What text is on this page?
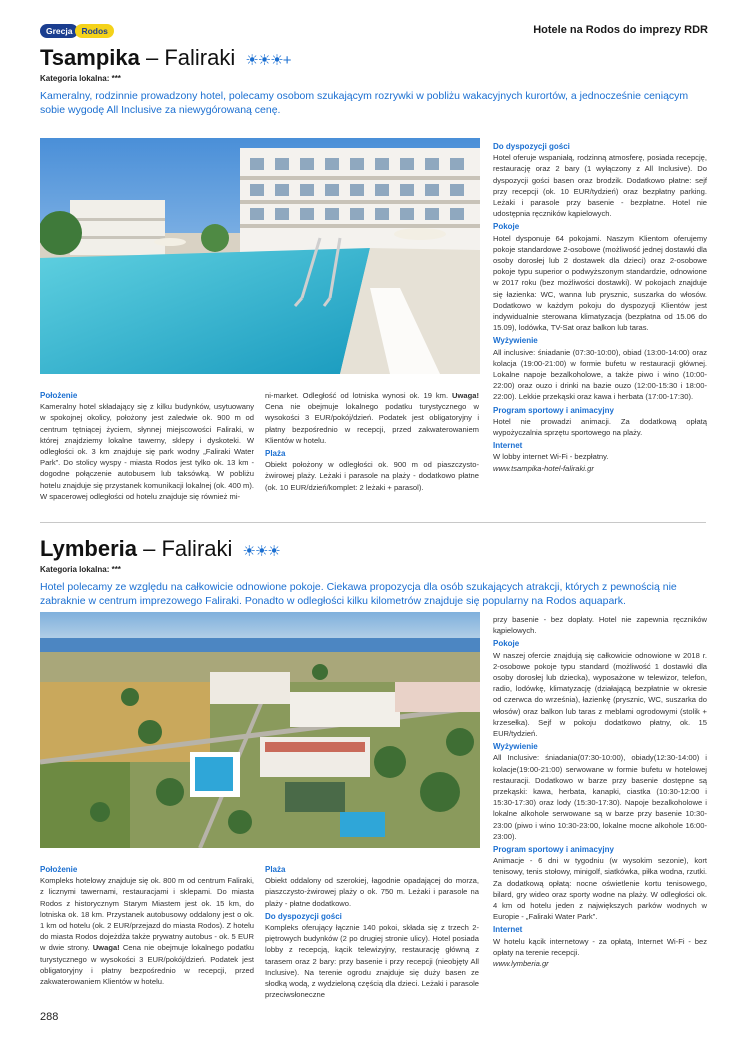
Grecja	Rodos	Hotele na Rodos do imprezy RDR
Tsampika – Faliraki ☀☀☀+
Kategoria lokalna: ***
Kameralny, rodzinnie prowadzony hotel, polecamy osobom szukającym rozrywki w pobliżu wakacyjnych kurortów, a jednocześnie ceniącym sobie wygodę All Inclusive za niewygórowaną cenę.
Położenie

Kameralny hotel składający się z kilku budynków, usytuowany w spokojnej okolicy, położony jest zaledwie ok. 900 m od centrum tętniącej życiem, słynnej miejscowości Faliraki, w której znajdziemy lokalne tawerny, sklepy i dyskoteki. W odległości ok. 3 km znajduje się park wodny „Faliraki Water Park”. Do stolicy wyspy - miasta Rodos jest tylko ok. 13 km - dogodne połączenie autobusem lub taksówką. W pobliżu hotelu znajduje się przystanek komunikacji lokalnej (ok. 400 m). W spacerowej odległości od hotelu znajduje się również mi-

ni-market. Odległość od lotniska wynosi ok. 19 km. Uwaga! Cena nie obejmuje lokalnego podatku turystycznego w wysokości 3 EUR/pokój/dzień. Podatek jest obligatoryjny i płatny bezpośrednio w recepcji, przed zakwaterowaniem Klientów w hotelu.

Plaża

Obiekt położony w odległości ok. 900 m od piaszczysto-żwirowej plaży. Leżaki i parasole na plaży - dodatkowo płatne (ok. 10 EUR/dzień/komplet: 2 leżaki + parasol).

Do dyspozycji gości

Hotel oferuje wspaniałą, rodzinną atmosferę, posiada recepcję, restaurację oraz 2 bary (1 wyłączony z All Inclusive). Do dyspozycji gości basen oraz brodzik. Dodatkowo płatne: sejf przy recepcji (ok. 10 EUR/tydzień) oraz bezpłatny parking. Leżaki i parasole przy basenie - bezpłatne. Hotel nie udostępnia ręczników kąpielowych.

Pokoje

Hotel dysponuje 64 pokojami. Naszym Klientom oferujemy pokoje standardowe 2-osobowe (możliwość jednej dostawki dla osoby dorosłej lub 2 dostawek dla dzieci) oraz 2-osobowe pokoje typu superior o podwyższonym standardzie, odnowione w 2017 roku (bez możliwości dostawki). W pokojach znajduje się łazienka: WC, wanna lub prysznic, suszarka do włosów. Dodatkowo w każdym pokoju do dyspozycji Klientów jest indywidualnie sterowana klimatyzacja (bezpłatna od 15.06 do 15.09), lodówka, TV-Sat oraz balkon lub taras.

Wyżywienie

All inclusive: śniadanie (07:30-10:00), obiad (13:00-14:00) oraz kolacja (19:00-21:00) w formie bufetu w restauracji głównej. Lokalne napoje bezalkoholowe, a także piwo i wino (10:00-22:00) oraz ouzo i drinki na bazie ouzo (12:00-15:30 i 18:00-22:00). Lekkie przekąski oraz kawa i herbata (17:00-17:30).

Program sportowy i animacyjny

Hotel nie prowadzi animacji. Za dodatkową opłatą wypożyczalnia sprzętu sportowego na plaży.

Internet

W lobby internet Wi-Fi - bezpłatny.

www.tsampika-hotel-faliraki.gr

Lymberia – Faliraki ☀☀☀
Kategoria lokalna: ***
Hotel polecamy ze względu na całkowicie odnowione pokoje. Ciekawa propozycja dla osób szukających atrakcji, których z pewnością nie zabraknie w centrum imprezowego Faliraki. Ponadto w odległości kilku kilometrów znajduje się popularny na Rodos aquapark.
Położenie

Kompleks hotelowy znajduje się ok. 800 m od centrum Faliraki, z licznymi tawernami, restauracjami i sklepami. Do miasta Rodos z historycznym Starym Miastem jest ok. 15 km, do lotniska ok. 18 km. Przystanek autobusowy oddalony jest o ok. 1 km od hotelu (ok. 2 EUR/przejazd do miasta Rodos). Z hotelu do miasta Rodos dojeżdża także prywatny autobus - ok. 5 EUR w dwie strony. Uwaga! Cena nie obejmuje lokalnego podatku turystycznego w wysokości 3 EUR/pokój/dzień. Podatek jest obligatoryjny i płatny bezpośrednio w recepcji, przed zakwaterowaniem Klientów w hotelu.

Plaża

Obiekt oddalony od szerokiej, łagodnie opadającej do morza, piaszczysto-żwirowej plaży o ok. 750 m. Leżaki i parasole na plaży - płatne dodatkowo.

Do dyspozycji gości

Kompleks oferujący łącznie 140 pokoi, składa się z trzech 2-piętrowych budynków (2 po drugiej stronie ulicy). Hotel posiada lobby z recepcją, kącik telewizyjny, restaurację główną z tarasem oraz 2 bary: przy basenie i przy recepcji (nieobjęty All Inclusive). Na terenie ogrodu znajduje się duży basen ze słodką wodą, z wydzieloną częścią dla dzieci. Leżaki i parasole przeciwsłoneczne

przy basenie - bez dopłaty. Hotel nie zapewnia ręczników kąpielowych.

Pokoje

W naszej ofercie znajdują się całkowicie odnowione w 2018 r. 2-osobowe pokoje typu standard (możliwość 1 dostawki dla osoby dorosłej lub dziecka), wyposażone w telewizor, telefon, radio, lodówkę, klimatyzację (działającą bezpłatnie w okresie od czerwca do września), łazienkę (prysznic, WC, suszarka do włosów) oraz balkon lub taras z meblami ogrodowymi (stolik + krzesełka). Sejf w pokoju dodatkowo płatny, ok. 15 EUR/tydzień.

Wyżywienie

All Inclusive: śniadania(07:30-10:00), obiady(12:30-14:00) i kolacje(19:00-21:00) serwowane w formie bufetu w hotelowej restauracji. Dodatkowo w barze przy basenie dostępne są przekąski: kawa, herbata, kanapki, ciastka (10:30-12:00 i 15:30-17:30) oraz lody (15:30-17:30). Napoje bezalkoholowe i lokalne alkohole serwowane są w barze przy basenie 10:30-23:00 (piwo i wino 10:30-23:00, lokalne mocne alkohole 16:00-23:00).

Program sportowy i animacyjny

Animacje - 6 dni w tygodniu (w wysokim sezonie), kort tenisowy, tenis stołowy, minigolf, siatkówka, piłka wodna, rzutki. Za dodatkową opłatą: nocne oświetlenie kortu tenisowego, bilard, gry wideo oraz sporty wodne na plaży. W odległości ok. 4 km od hotelu jeden z największych parków wodnych w Europie - „Faliraki Water Park”.

Internet

W hotelu kącik internetowy - za opłatą, Internet Wi-Fi - bez opłaty na terenie recepcji.

www.lymberia.gr

288
